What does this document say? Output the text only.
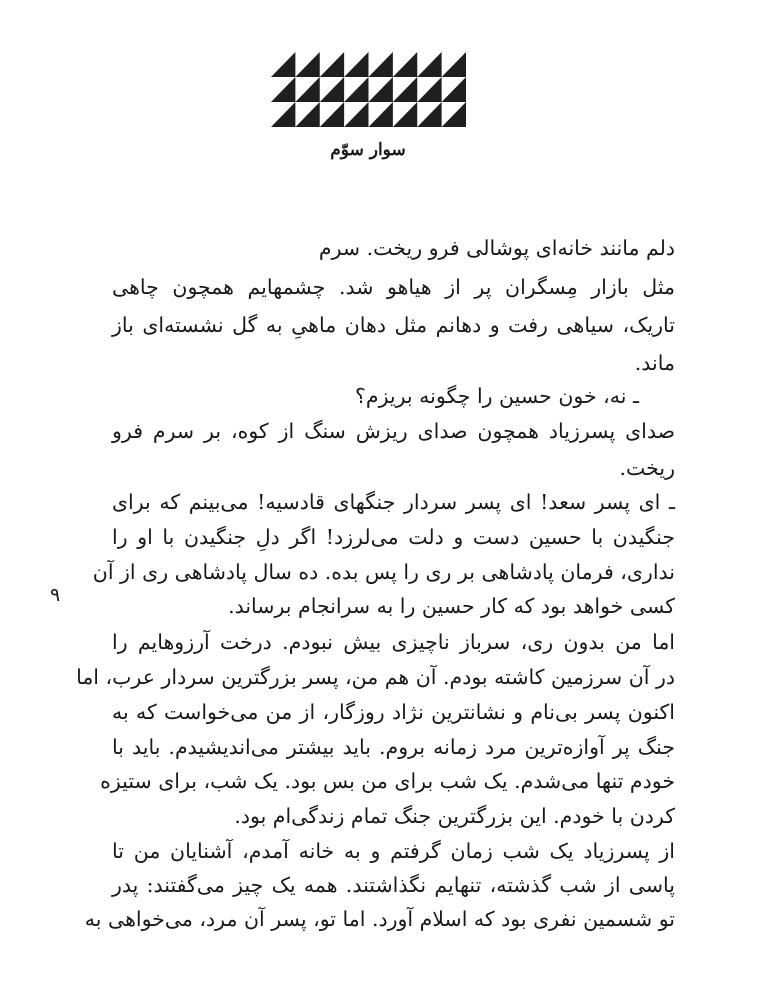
سوار سوّم

دلم مانند خانه‌ای پوشالی فرو ریخت. سرم

مثل بازار مِسگران پر از هیاهو شد. چشمهایم همچون چاهی

تاریک، سیاهی رفت و دهانم مثل دهان ماهیِ به گل نشسته‌ای باز

ماند.

ـ نه، خون حسین را چگونه بریزم؟

صدای پسرزیاد همچون صدای ریزش سنگ از کوه، بر سرم فرو

ریخت.

ـ ای پسر سعد! ای پسر سردار جنگهای قادسیه! می‌بینم که برای

جنگیدن با حسین دست و دلت می‌لرزد! اگر دلِ جنگیدن با او را

نداری، فرمان پادشاهی بر ری را پس بده. ده سال پادشاهی ری از آن

کسی خواهد بود که کار حسین را به سرانجام برساند.

اما من بدون ری، سرباز ناچیزی بیش نبودم. درخت آرزوهایم را

در آن سرزمین کاشته بودم. آن هم من، پسر بزرگترین سردار عرب، اما

اکنون پسر بی‌نام و نشانترین نژاد روزگار، از من می‌خواست که به

جنگ پر آوازه‌ترین مرد زمانه بروم. باید بیشتر می‌اندیشیدم. باید با

خودم تنها می‌شدم. یک شب برای من بس بود. یک شب، برای ستیزه

کردن با خودم. این بزرگترین جنگ تمام زندگی‌ام بود.

از پسرزیاد یک شب زمان گرفتم و به خانه آمدم، آشنایان من تا

پاسی از شب گذشته، تنهایم نگذاشتند. همه یک چیز می‌گفتند: پدر

تو شسمین نفری بود که اسلام آورد. اما تو، پسر آن مرد، می‌خواهی به

۹
